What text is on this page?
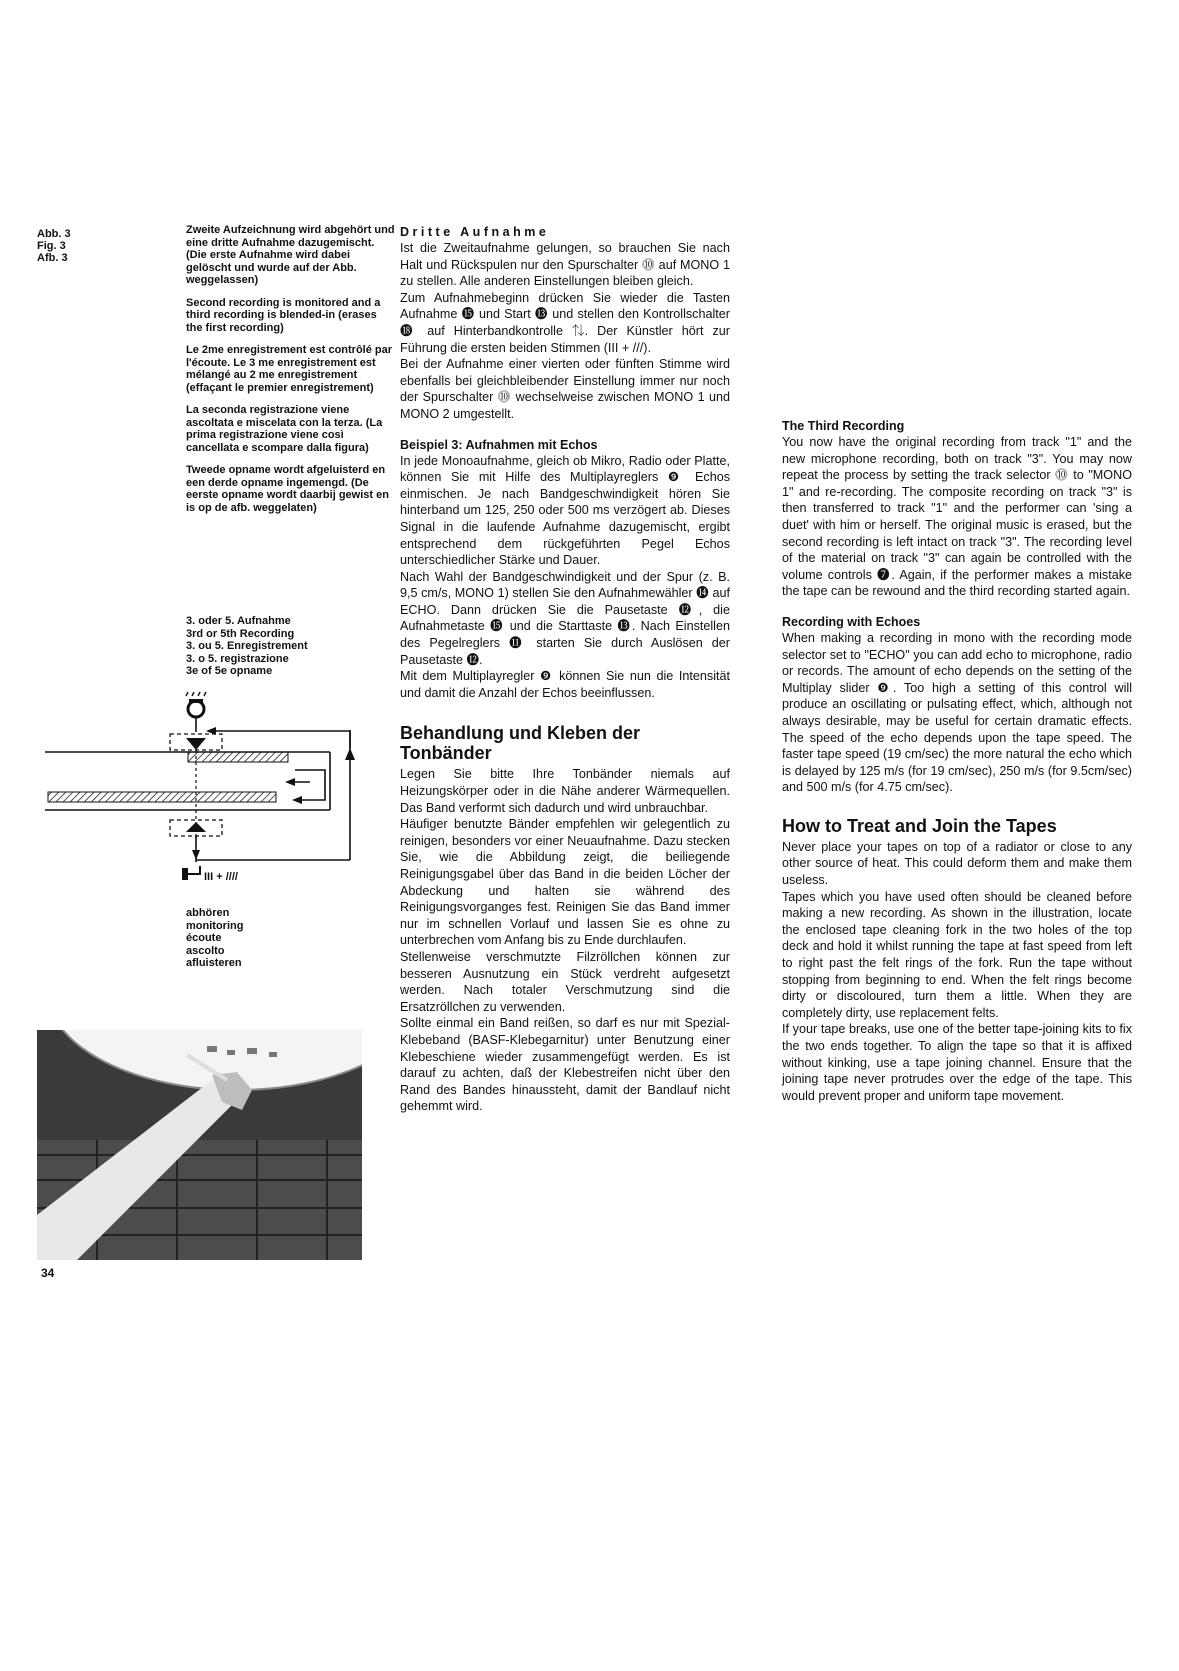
Abb. 3
Fig. 3
Afb. 3

Zweite Aufzeichnung wird abgehört und eine dritte Aufnahme dazugemischt. (Die erste Aufnahme wird dabei gelöscht und wurde auf der Abb. weggelassen)

Second recording is monitored and a third recording is blended-in (erases the first recording)

Le 2me enregistrement est contrôlé par l'écoute. Le 3 me enregistrement est mélangé au 2 me enregistrement (effaçant le premier enregistrement)

La seconda registrazione viene ascoltata e miscelata con la terza. (La prima registrazione viene così cancellata e scompare dalla figura)

Tweede opname wordt afgeluisterd en een derde opname ingemengd. (De eerste opname wordt daarbij gewist en is op de afb. weggelaten)

3. oder 5. Aufnahme
3rd or 5th Recording
3. ou 5. Enregistrement
3. o 5. registrazione
3e of 5e opname
III + ////
abhören
monitoring
écoute
ascolto
afluisteren
34
Dritte Aufnahme

Ist die Zweitaufnahme gelungen, so brauchen Sie nach Halt und Rückspulen nur den Spurschalter ⓾ auf MONO 1 zu stellen. Alle anderen Einstellungen bleiben gleich.

Zum Aufnahmebeginn drücken Sie wieder die Tasten Aufnahme ⓯ und Start ⓭ und stellen den Kontrollschalter ⓲ auf Hinterbandkontrolle ⇅. Der Künstler hört zur Führung die ersten beiden Stimmen (III + ///).

Bei der Aufnahme einer vierten oder fünften Stimme wird ebenfalls bei gleichbleibender Einstellung immer nur noch der Spurschalter ⓾ wechselweise zwischen MONO 1 und MONO 2 umgestellt.

Beispiel 3: Aufnahmen mit Echos

In jede Monoaufnahme, gleich ob Mikro, Radio oder Platte, können Sie mit Hilfe des Multiplayreglers ❾ Echos einmischen. Je nach Bandgeschwindigkeit hören Sie hinterband um 125, 250 oder 500 ms verzögert ab. Dieses Signal in die laufende Aufnahme dazugemischt, ergibt entsprechend dem rückgeführten Pegel Echos unterschiedlicher Stärke und Dauer.

Nach Wahl der Bandgeschwindigkeit und der Spur (z. B. 9,5 cm/s, MONO 1) stellen Sie den Aufnahmewähler ⓮ auf ECHO. Dann drücken Sie die Pausetaste ⓬, die Aufnahmetaste ⓯ und die Starttaste ⓭. Nach Einstellen des Pegelreglers ⓫ starten Sie durch Auslösen der Pausetaste ⓬.

Mit dem Multiplayregler ❾ können Sie nun die Intensität und damit die Anzahl der Echos beeinflussen.

Behandlung und Kleben der Tonbänder

Legen Sie bitte Ihre Tonbänder niemals auf Heizungskörper oder in die Nähe anderer Wärmequellen. Das Band verformt sich dadurch und wird unbrauchbar.

Häufiger benutzte Bänder empfehlen wir gelegentlich zu reinigen, besonders vor einer Neuaufnahme. Dazu stecken Sie, wie die Abbildung zeigt, die beiliegende Reinigungsgabel über das Band in die beiden Löcher der Abdeckung und halten sie während des Reinigungsvorganges fest. Reinigen Sie das Band immer nur im schnellen Vorlauf und lassen Sie es ohne zu unterbrechen vom Anfang bis zu Ende durchlaufen.

Stellenweise verschmutzte Filzröllchen können zur besseren Ausnutzung ein Stück verdreht aufgesetzt werden. Nach totaler Verschmutzung sind die Ersatzröllchen zu verwenden.

Sollte einmal ein Band reißen, so darf es nur mit Spezial-Klebeband (BASF-Klebegarnitur) unter Benutzung einer Klebeschiene wieder zusammengefügt werden. Es ist darauf zu achten, daß der Klebestreifen nicht über den Rand des Bandes hinaussteht, damit der Bandlauf nicht gehemmt wird.

The Third Recording

You now have the original recording from track "1" and the new microphone recording, both on track "3". You may now repeat the process by setting the track selector ⓾ to "MONO 1" and re-recording. The composite recording on track "3" is then transferred to track "1" and the performer can 'sing a duet' with him or herself. The original music is erased, but the second recording is left intact on track "3". The recording level of the material on track "3" can again be controlled with the volume controls ❼. Again, if the performer makes a mistake the tape can be rewound and the third recording started again.

Recording with Echoes

When making a recording in mono with the recording mode selector set to "ECHO" you can add echo to microphone, radio or records. The amount of echo depends on the setting of the Multiplay slider ❾. Too high a setting of this control will produce an oscillating or pulsating effect, which, although not always desirable, may be useful for certain dramatic effects. The speed of the echo depends upon the tape speed. The faster tape speed (19 cm/sec) the more natural the echo which is delayed by 125 m/s (for 19 cm/sec), 250 m/s (for 9.5cm/sec) and 500 m/s (for 4.75 cm/sec).

How to Treat and Join the Tapes

Never place your tapes on top of a radiator or close to any other source of heat. This could deform them and make them useless.

Tapes which you have used often should be cleaned before making a new recording. As shown in the illustration, locate the enclosed tape cleaning fork in the two holes of the top deck and hold it whilst running the tape at fast speed from left to right past the felt rings of the fork. Run the tape without stopping from beginning to end. When the felt rings become dirty or discoloured, turn them a little. When they are completely dirty, use replacement felts.

If your tape breaks, use one of the better tape-joining kits to fix the two ends together. To align the tape so that it is affixed without kinking, use a tape joining channel. Ensure that the joining tape never protrudes over the edge of the tape. This would prevent proper and uniform tape movement.
